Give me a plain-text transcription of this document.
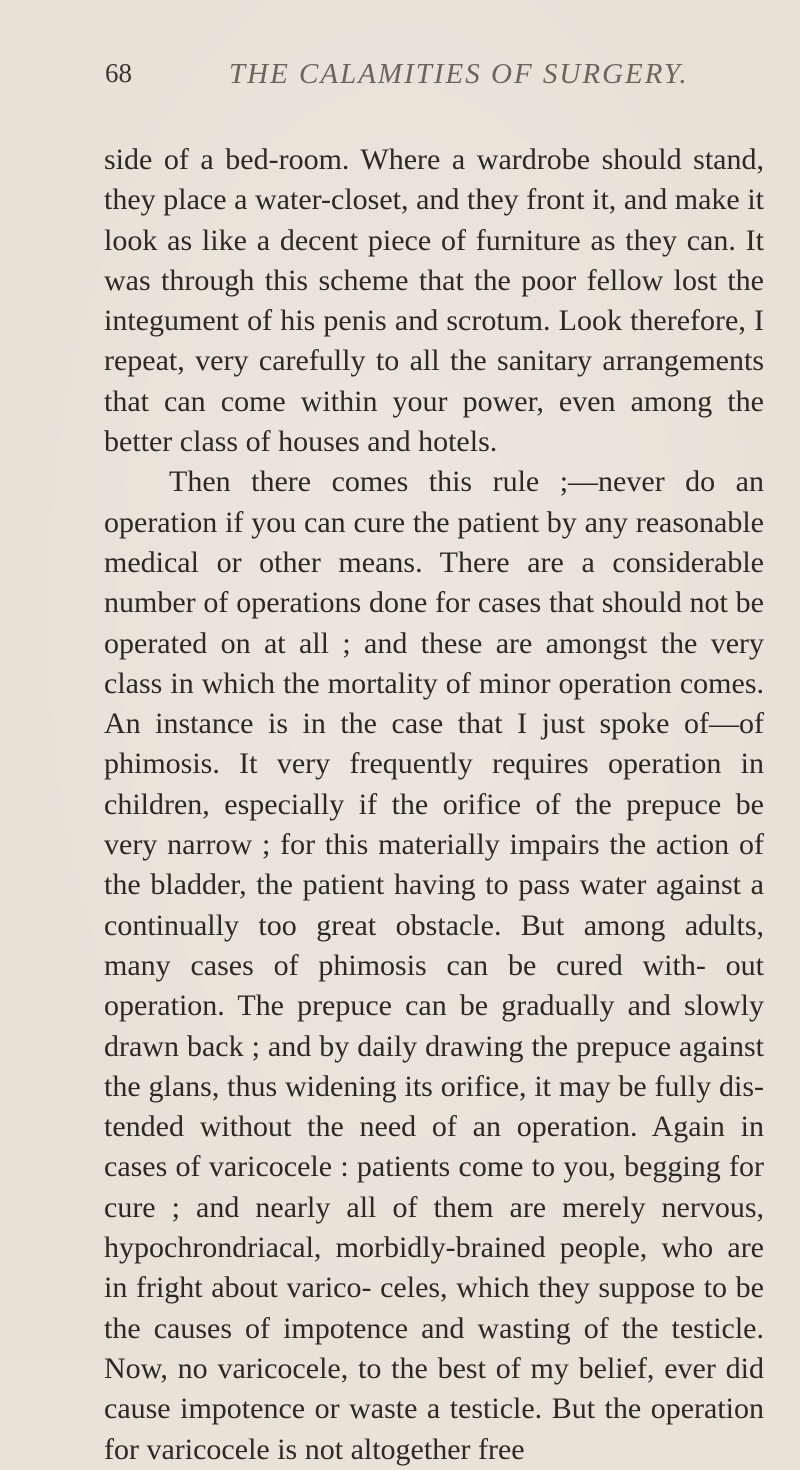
68	THE CALAMITIES OF SURGERY.

side of a bed-room. Where a wardrobe should stand, they place a water-closet, and they front it, and make it look as like a decent piece of furniture as they can. It was through this scheme that the poor fellow lost the integument of his penis and scrotum. Look therefore, I repeat, very carefully to all the sanitary arrangements that can come within your power, even among the better class of houses and hotels.

Then there comes this rule ;—never do an operation if you can cure the patient by any reasonable medical or other means. There are a considerable number of operations done for cases that should not be operated on at all ; and these are amongst the very class in which the mortality of minor operation comes. An instance is in the case that I just spoke of—of phimosis. It very frequently requires operation in children, especially if the orifice of the prepuce be very narrow ; for this materially impairs the action of the bladder, the patient having to pass water against a continually too great obstacle. But among adults, many cases of phimosis can be cured with- out operation. The prepuce can be gradually and slowly drawn back ; and by daily drawing the prepuce against the glans, thus widening its orifice, it may be fully dis- tended without the need of an operation. Again in cases of varicocele : patients come to you, begging for cure ; and nearly all of them are merely nervous, hypochrondriacal, morbidly-brained people, who are in fright about varico- celes, which they suppose to be the causes of impotence and wasting of the testicle. Now, no varicocele, to the best of my belief, ever did cause impotence or waste a testicle. But the operation for varicocele is not altogether free
